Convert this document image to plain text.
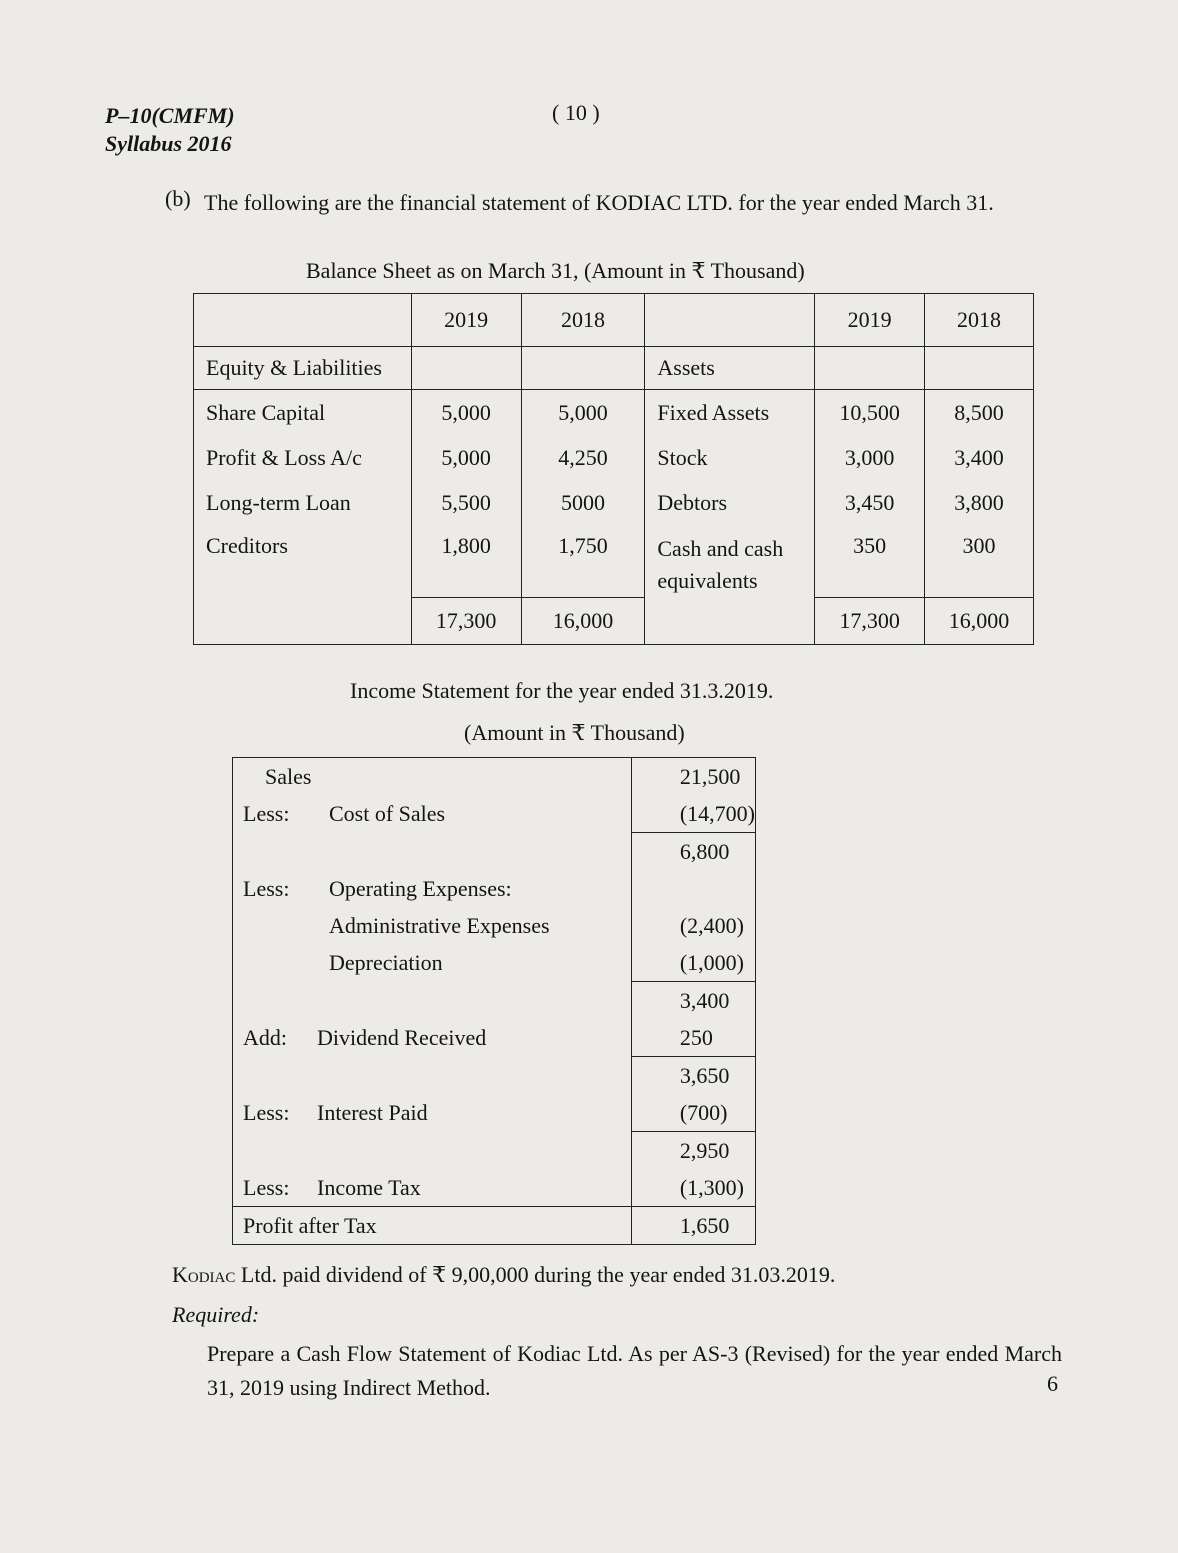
P–10(CMFM)
Syllabus 2016
( 10 )
(b) The following are the financial statement of KODIAC LTD. for the year ended March 31.
Balance Sheet as on March 31, (Amount in ₹ Thousand)
	2019	2018		2019	2018
Equity & Liabilities			Assets		
Share Capital	5,000	5,000	Fixed Assets	10,500	8,500
Profit & Loss A/c	5,000	4,250	Stock	3,000	3,400
Long-term Loan	5,500	5000	Debtors	3,450	3,800
Creditors	1,800	1,750	Cash and cash equivalents	350	300
	17,300	16,000		17,300	16,000
Income Statement for the year ended 31.3.2019.
(Amount in ₹ Thousand)
Sales	21,500
Less: Cost of Sales	(14,700)
	6,800
Less: Operating Expenses:	
Administrative Expenses	(2,400)
Depreciation	(1,000)
	3,400
Add: Dividend Received	250
	3,650
Less: Interest Paid	(700)
	2,950
Less: Income Tax	(1,300)
Profit after Tax	1,650
Kodiac Ltd. paid dividend of ₹ 9,00,000 during the year ended 31.03.2019.
Required:
Prepare a Cash Flow Statement of Kodiac Ltd. As per AS-3 (Revised) for the year ended March 31, 2019 using Indirect Method.	6
